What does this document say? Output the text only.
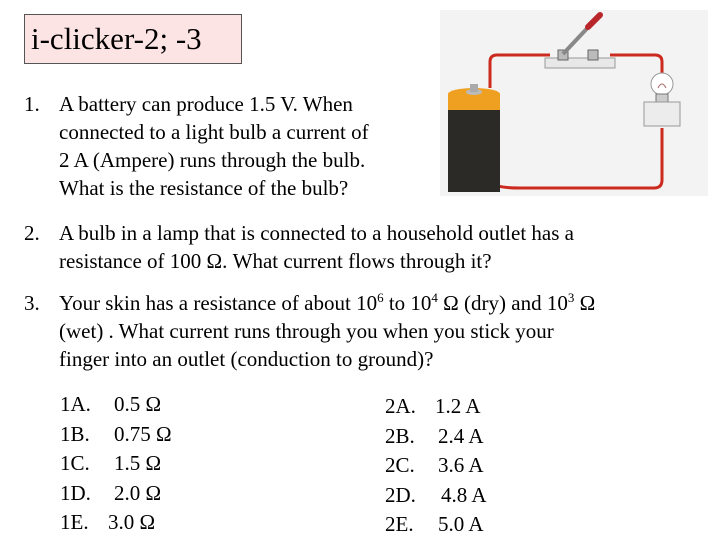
i-clicker-2; -3
1. A battery can produce 1.5 V. When
connected to a light bulb a current of
2 A (Ampere) runs through the bulb.
What is the resistance of the bulb?
2. A bulb in a lamp that is connected to a household outlet has a
resistance of 100 Ω. What current flows through it?
3. Your skin has a resistance of about $10^6$ to $10^4$ Ω (dry) and $10^3$ Ω
(wet) . What current runs through you when you stick your
finger into an outlet (conduction to ground)?
1A. 0.5 Ω
1B. 0.75 Ω
1C. 1.5 Ω
1D. 2.0 Ω
1E. 3.0 Ω
2A. 1.2 A
2B. 2.4 A
2C. 3.6 A
2D. 4.8 A
2E. 5.0 A
